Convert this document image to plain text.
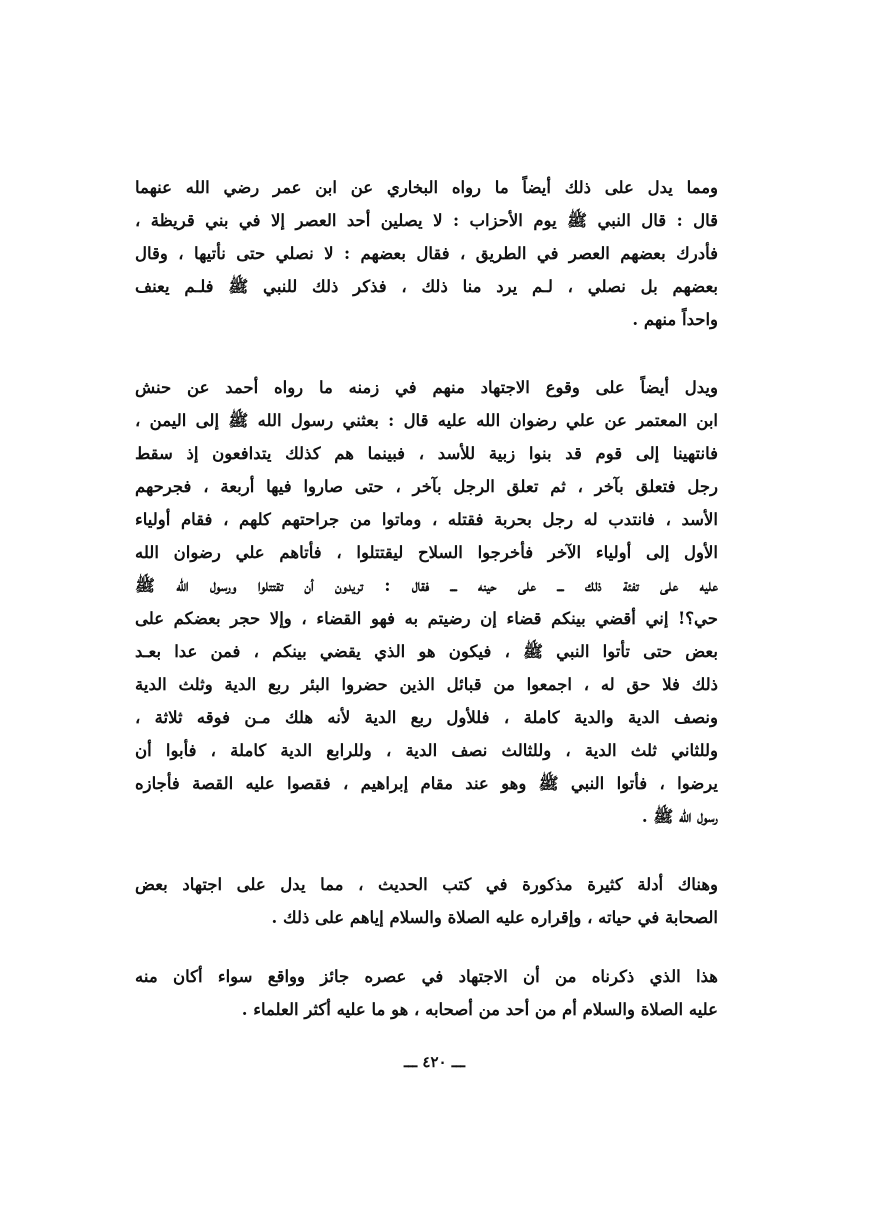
ومما يدل على ذلك أيضاً ما رواه البخاري عن ابن عمر رضي الله عنهما
قال : قال النبي ﷺ يوم الأحزاب : لا يصلين أحد العصر إلا في بني قريظة ،
فأدرك بعضهم العصر في الطريق ، فقال بعضهم : لا نصلي حتى نأتيها ، وقال
بعضهم بل نصلي ، لـم يرد منا ذلك ، فذكر ذلك للنبي ﷺ فلـم يعنف
واحداً منهم .
ويدل أيضاً على وقوع الاجتهاد منهم في زمنه ما رواه أحمد عن حنش
ابن المعتمر عن علي رضوان الله عليه قال : بعثني رسول الله ﷺ إلى اليمن ،
فانتهينا إلى قوم قد بنوا زبية للأسد ، فبينما هم كذلك يتدافعون إذ سقط
رجل فتعلق بآخر ، ثم تعلق الرجل بآخر ، حتى صاروا فيها أربعة ، فجرحهم
الأسد ، فانتدب له رجل بحربة فقتله ، وماتوا من جراحتهم كلهم ، فقام أولياء
الأول إلى أولياء الآخر فأخرجوا السلاح ليقتتلوا ، فأتاهم علي رضوان الله
عليه على تفئة ذلك ـــ على حينه ـــ فقال : تريدون أن تقتتلوا ورسول الله ﷺ
حي؟! إني أقضي بينكم قضاء إن رضيتم به فهو القضاء ، وإلا حجر بعضكم على
بعض حتى تأتوا النبي ﷺ ، فيكون هو الذي يقضي بينكم ، فمن عدا بعـد
ذلك فلا حق له ، اجمعوا من قبائل الذين حضروا البئر ربع الدية وثلث الدية
ونصف الدية والدية كاملة ، فللأول ربع الدية لأنه هلك مـن فوقه ثلاثة ،
وللثاني ثلث الدية ، وللثالث نصف الدية ، وللرابع الدية كاملة ، فأبوا أن
يرضوا ، فأتوا النبي ﷺ وهو عند مقام إبراهيم ، فقصوا عليه القصة فأجازه
رسول الله ﷺ .
وهناك أدلة كثيرة مذكورة في كتب الحديث ، مما يدل على اجتهاد بعض
الصحابة في حياته ، وإقراره عليه الصلاة والسلام إياهم على ذلك .
هذا الذي ذكرناه من أن الاجتهاد في عصره جائز وواقع سواء أكان منه
عليه الصلاة والسلام أم من أحد من أصحابه ، هو ما عليه أكثر العلماء .
ـــ ٤٢٠ ـــ
